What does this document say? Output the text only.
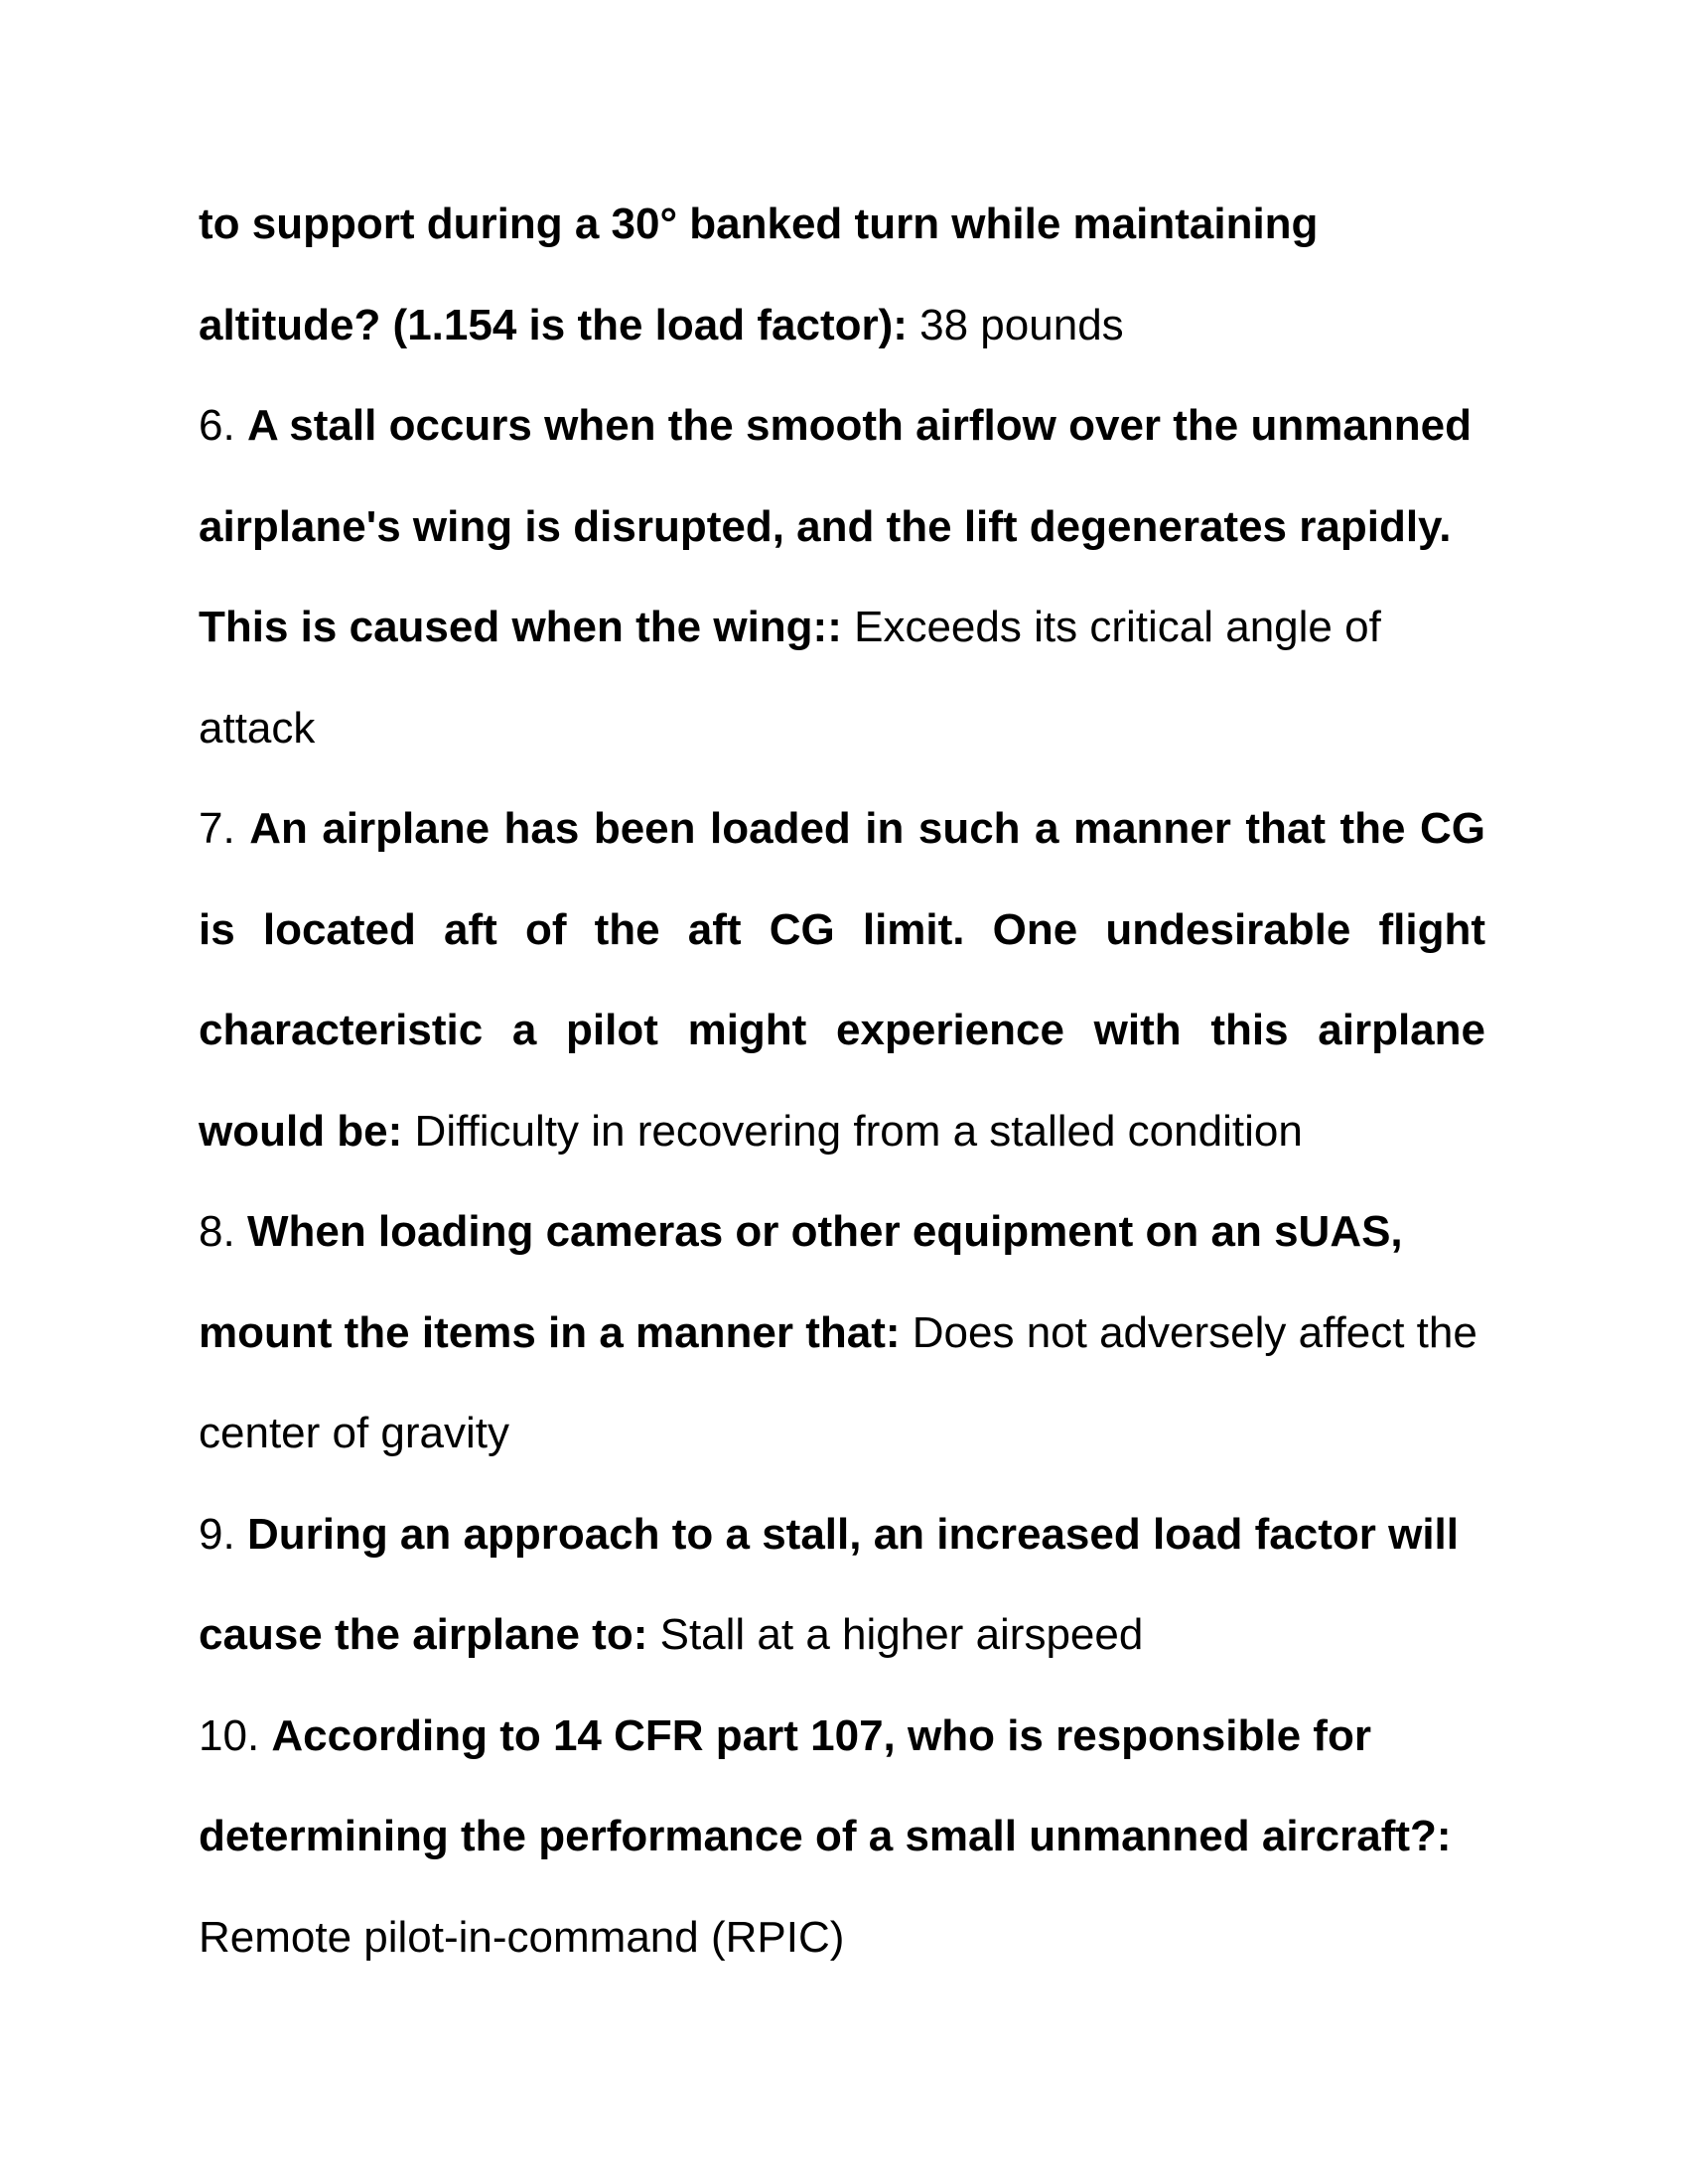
to support during a 30° banked turn while maintaining altitude? (1.154 is the load factor): 38 pounds

6. A stall occurs when the smooth airflow over the unmanned airplane's wing is disrupted, and the lift degenerates rapidly. This is caused when the wing:: Exceeds its critical angle of attack

7. An airplane has been loaded in such a manner that the CG is located aft of the aft CG limit. One undesirable flight characteristic a pilot might experience with this airplane would be: Difficulty in recovering from a stalled condition

8. When loading cameras or other equipment on an sUAS, mount the items in a manner that: Does not adversely affect the center of gravity

9. During an approach to a stall, an increased load factor will cause the airplane to: Stall at a higher airspeed

10. According to 14 CFR part 107, who is responsible for determining the performance of a small unmanned aircraft?: Remote pilot-in-command (RPIC)
